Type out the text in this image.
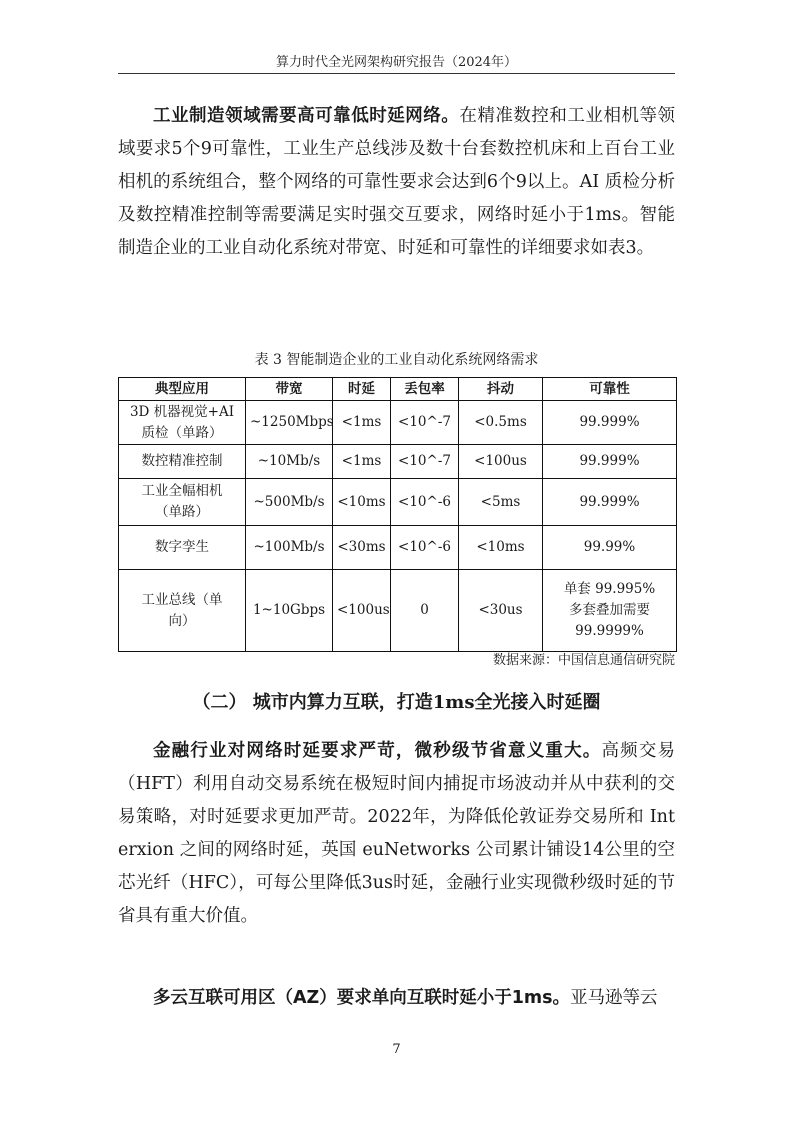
算力时代全光网架构研究报告（2024年）

工业制造领域需要高可靠低时延网络。在精准数控和工业相机等领域要求5个9可靠性，工业生产总线涉及数十台套数控机床和上百台工业相机的系统组合，整个网络的可靠性要求会达到6个9以上。AI 质检分析及数控精准控制等需要满足实时强交互要求，网络时延小于1ms。智能制造企业的工业自动化系统对带宽、时延和可靠性的详细要求如表3。

表 3 智能制造企业的工业自动化系统网络需求
典型应用	带宽	时延	丢包率	抖动	可靠性

3D 机器视觉+AI
质检（单路）	~1250Mbps	<1ms	<10^-7	<0.5ms	99.999%

数控精准控制	~10Mb/s	<1ms	<10^-7	<100us	99.999%

工业全幅相机
（单路）	~500Mb/s	<10ms	<10^-6	<5ms	99.999%

数字孪生	~100Mb/s	<30ms	<10^-6	<10ms	99.99%

工业总线（单
向）	1~10Gbps	<100us	0	<30us	单套 99.995%
多套叠加需要
99.9999%
数据来源：中国信息通信研究院
（二） 城市内算力互联，打造1ms全光接入时延圈

金融行业对网络时延要求严苛，微秒级节省意义重大。高频交易（HFT）利用自动交易系统在极短时间内捕捉市场波动并从中获利的交易策略，对时延要求更加严苛。2022年，为降低伦敦证券交易所和 Interxion 之间的网络时延，英国 euNetworks 公司累计铺设14公里的空芯光纤（HFC），可每公里降低3us时延，金融行业实现微秒级时延的节省具有重大价值。

多云互联可用区（AZ）要求单向互联时延小于1ms。亚马逊等云

7
